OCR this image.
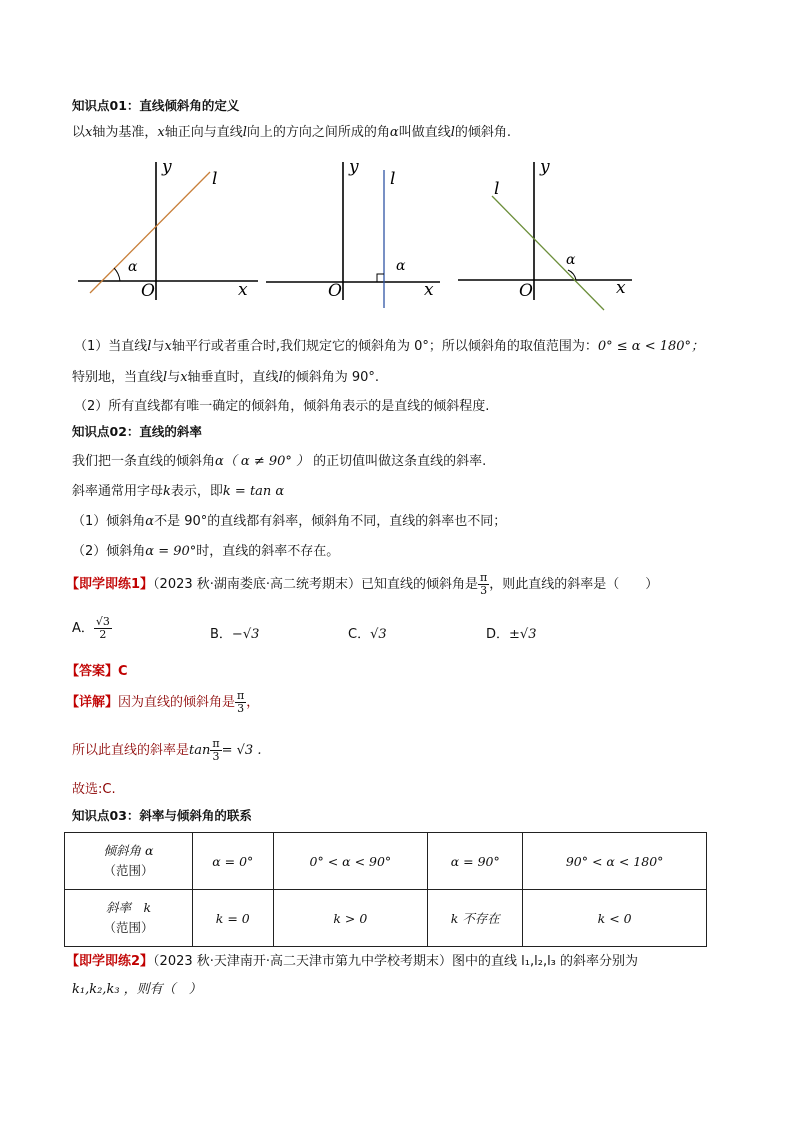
知识点01：直线倾斜角的定义
以x轴为基准，x轴正向与直线l向上的方向之间所成的角α叫做直线l的倾斜角.
y
x
O
l
α
y
x
O
l
α
y
x
O
l
α
（1）当直线l与x轴平行或者重合时,我们规定它的倾斜角为 0°；所以倾斜角的取值范围为：0° ≤ α < 180°；
特别地，当直线l与x轴垂直时，直线l的倾斜角为 90°.
（2）所有直线都有唯一确定的倾斜角，倾斜角表示的是直线的倾斜程度.
知识点02：直线的斜率
我们把一条直线的倾斜角α（ α ≠ 90° ） 的正切值叫做这条直线的斜率.
斜率通常用字母k表示，即k = tan α
（1）倾斜角α不是 90°的直线都有斜率，倾斜角不同，直线的斜率也不同；
（2）倾斜角α = 90°时，直线的斜率不存在。
【即学即练1】（2023 秋·湖南娄底·高二统考期末）已知直线的倾斜角是 $\frac{\pi}{3}$ ，则此直线的斜率是（　　）
A． $\frac{√3}{2}$	B．−√3	C．√3	D．±√3
【答案】C
【详解】因为直线的倾斜角是 $\frac{\pi}{3}$ ，
所以此直线的斜率是$\tan \frac{\pi}{3} = √3$ .
故选:C.
知识点03：斜率与倾斜角的联系
倾斜角 α
（范围）	α = 0°	0° < α < 90°	α = 90°	90° < α < 180°
斜率　k
（范围）	k = 0	k > 0	k 不存在	k < 0
【即学即练2】（2023 秋·天津南开·高二天津市第九中学校考期末）图中的直线 l₁,l₂,l₃ 的斜率分别为
k₁,k₂,k₃ ，则有（　）
